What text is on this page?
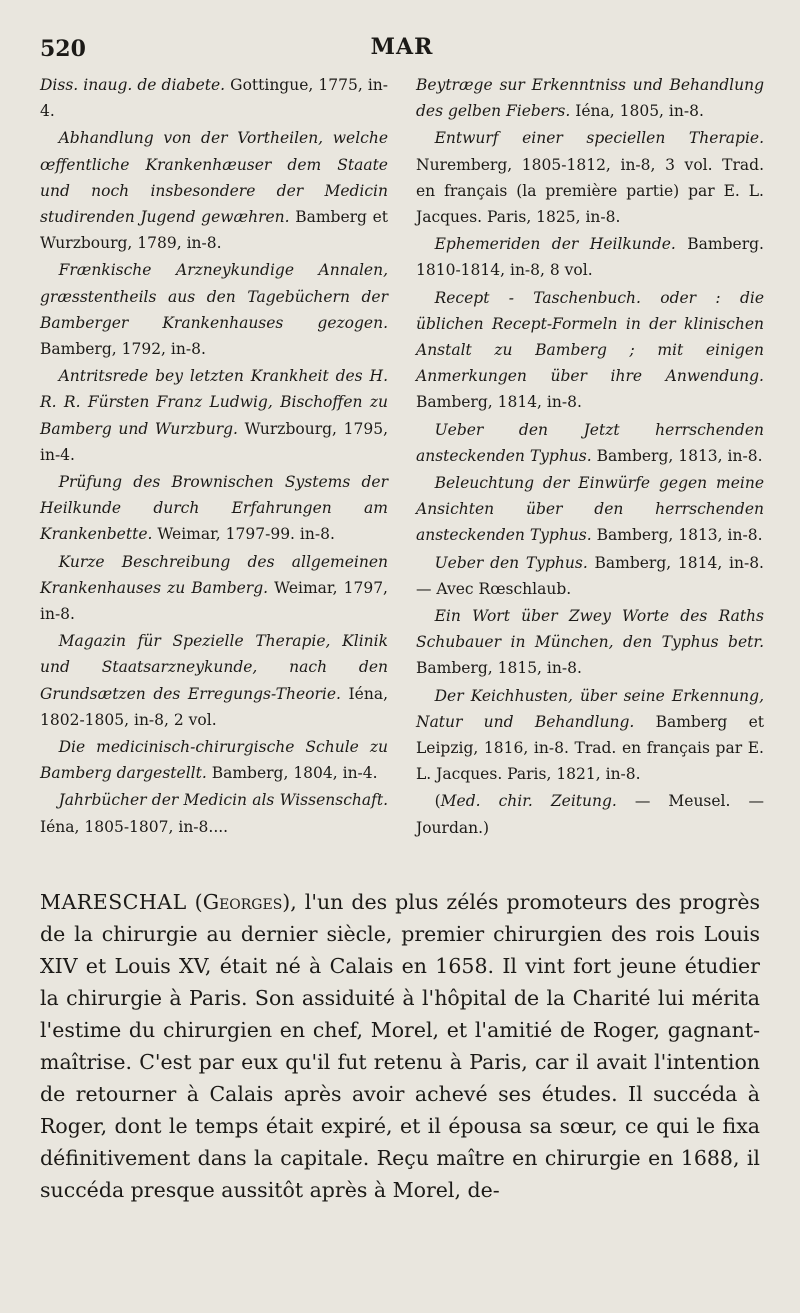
520	MAR

Diss. inaug. de diabete. Gottingue, 1775, in-4.

Abhandlung von der Vortheilen, welche œffentliche Krankenhæuser dem Staate und noch insbesondere der Medicin studirenden Jugend gewæhren. Bamberg et Wurzbourg, 1789, in-8.

Frænkische Arzneykundige Annalen, græsstentheils aus den Tagebüchern der Bamberger Krankenhauses gezogen. Bamberg, 1792, in-8.

Antritsrede bey letzten Krankheit des H. R. R. Fürsten Franz Ludwig, Bischoffen zu Bamberg und Wurzburg. Wurzbourg, 1795, in-4.

Prüfung des Brownischen Systems der Heilkunde durch Erfahrungen am Krankenbette. Weimar, 1797-99. in-8.

Kurze Beschreibung des allgemeinen Krankenhauses zu Bamberg. Weimar, 1797, in-8.

Magazin für Spezielle Therapie, Klinik und Staatsarzneykunde, nach den Grundsætzen des Erregungs-Theorie. Iéna, 1802-1805, in-8, 2 vol.

Die medicinisch-chirurgische Schule zu Bamberg dargestellt. Bamberg, 1804, in-4.

Jahrbücher der Medicin als Wissenschaft. Iéna, 1805-1807, in-8....

Beytræge sur Erkenntniss und Behandlung des gelben Fiebers. Iéna, 1805, in-8.

Entwurf einer speciellen Therapie. Nuremberg, 1805-1812, in-8, 3 vol. Trad. en français (la première partie) par E. L. Jacques. Paris, 1825, in-8.

Ephemeriden der Heilkunde. Bamberg. 1810-1814, in-8, 8 vol.

Recept - Taschenbuch. oder : die üblichen Recept-Formeln in der klinischen Anstalt zu Bamberg ; mit einigen Anmerkungen über ihre Anwendung. Bamberg, 1814, in-8.

Ueber den Jetzt herrschenden ansteckenden Typhus. Bamberg, 1813, in-8.

Beleuchtung der Einwürfe gegen meine Ansichten über den herrschenden ansteckenden Typhus. Bamberg, 1813, in-8.

Ueber den Typhus. Bamberg, 1814, in-8. — Avec Rœschlaub.

Ein Wort über Zwey Worte des Raths Schubauer in München, den Typhus betr. Bamberg, 1815, in-8.

Der Keichhusten, über seine Erkennung, Natur und Behandlung. Bamberg et Leipzig, 1816, in-8. Trad. en français par E. L. Jacques. Paris, 1821, in-8.

(Med. chir. Zeitung. — Meusel. — Jourdan.)

MARESCHAL (Georges), l'un des plus zélés promoteurs des progrès de la chirurgie au dernier siècle, premier chirurgien des rois Louis XIV et Louis XV, était né à Calais en 1658. Il vint fort jeune étudier la chirurgie à Paris. Son assiduité à l'hôpital de la Charité lui mérita l'estime du chirurgien en chef, Morel, et l'amitié de Roger, gagnant-maîtrise. C'est par eux qu'il fut retenu à Paris, car il avait l'intention de retourner à Calais après avoir achevé ses études. Il succéda à Roger, dont le temps était expiré, et il épousa sa sœur, ce qui le fixa définitivement dans la capitale. Reçu maître en chirurgie en 1688, il succéda presque aussitôt après à Morel, de-
